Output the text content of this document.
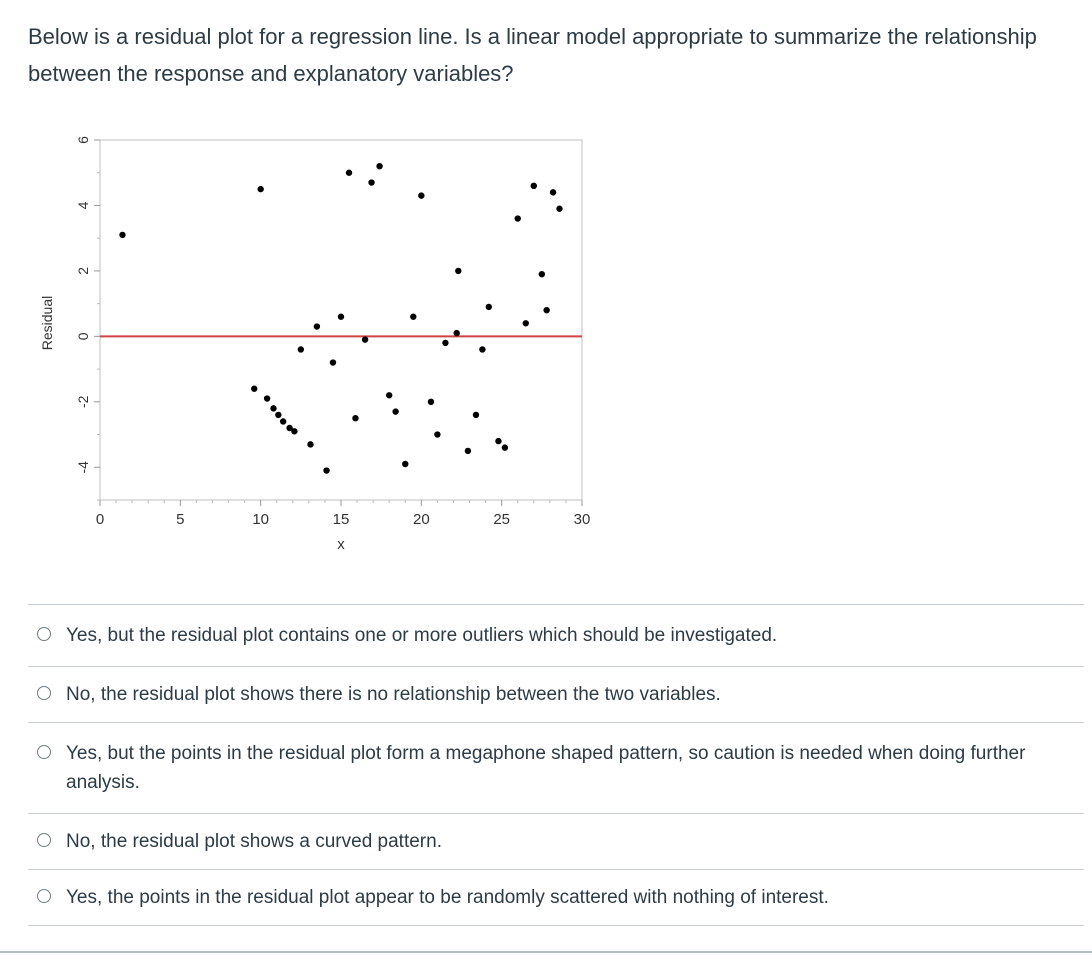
Below is a residual plot for a regression line. Is a linear model appropriate to summarize the relationship between the response and explanatory variables?
-4
-2
0
2
4
6
0	5	10	15	20	25	30
x
Residual
Yes, but the residual plot contains one or more outliers which should be investigated.
No, the residual plot shows there is no relationship between the two variables.
Yes, but the points in the residual plot form a megaphone shaped pattern, so caution is needed when doing further analysis.
No, the residual plot shows a curved pattern.
Yes, the points in the residual plot appear to be randomly scattered with nothing of interest.
